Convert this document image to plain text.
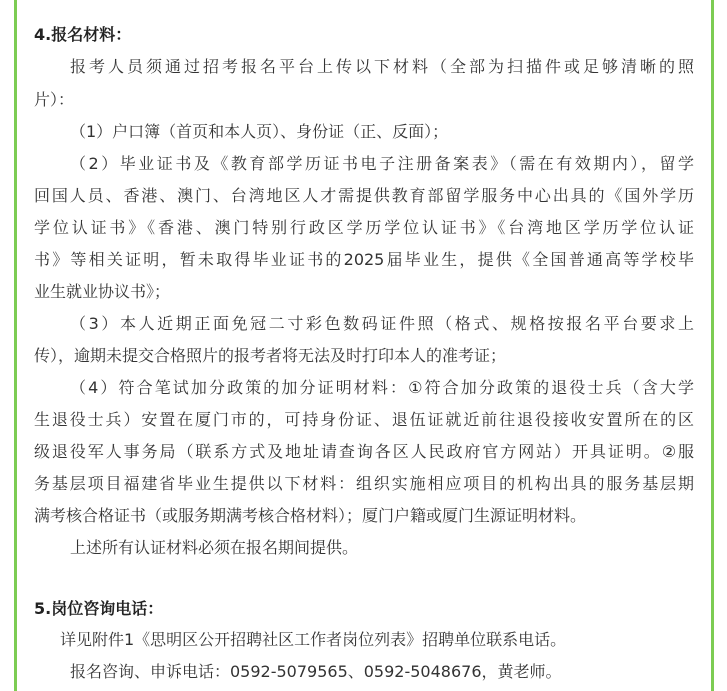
4.报名材料：
报考人员须通过招考报名平台上传以下材料（全部为扫描件或足够清晰的照
片）：
（1）户口簿（首页和本人页）、身份证（正、反面）；
（2）毕业证书及《教育部学历证书电子注册备案表》（需在有效期内），留学
回国人员、香港、澳门、台湾地区人才需提供教育部留学服务中心出具的《国外学历
学位认证书》《香港、澳门特别行政区学历学位认证书》《台湾地区学历学位认证
书》等相关证明，暂未取得毕业证书的2025届毕业生，提供《全国普通高等学校毕
业生就业协议书》；
（3）本人近期正面免冠二寸彩色数码证件照（格式、规格按报名平台要求上
传），逾期未提交合格照片的报考者将无法及时打印本人的准考证；
（4）符合笔试加分政策的加分证明材料：①符合加分政策的退役士兵（含大学
生退役士兵）安置在厦门市的，可持身份证、退伍证就近前往退役接收安置所在的区
级退役军人事务局（联系方式及地址请查询各区人民政府官方网站）开具证明。②服
务基层项目福建省毕业生提供以下材料：组织实施相应项目的机构出具的服务基层期
满考核合格证书（或服务期满考核合格材料）；厦门户籍或厦门生源证明材料。
上述所有认证材料必须在报名期间提供。
5.岗位咨询电话：
详见附件1《思明区公开招聘社区工作者岗位列表》招聘单位联系电话。
报名咨询、申诉电话：0592-5079565、0592-5048676，黄老师。
